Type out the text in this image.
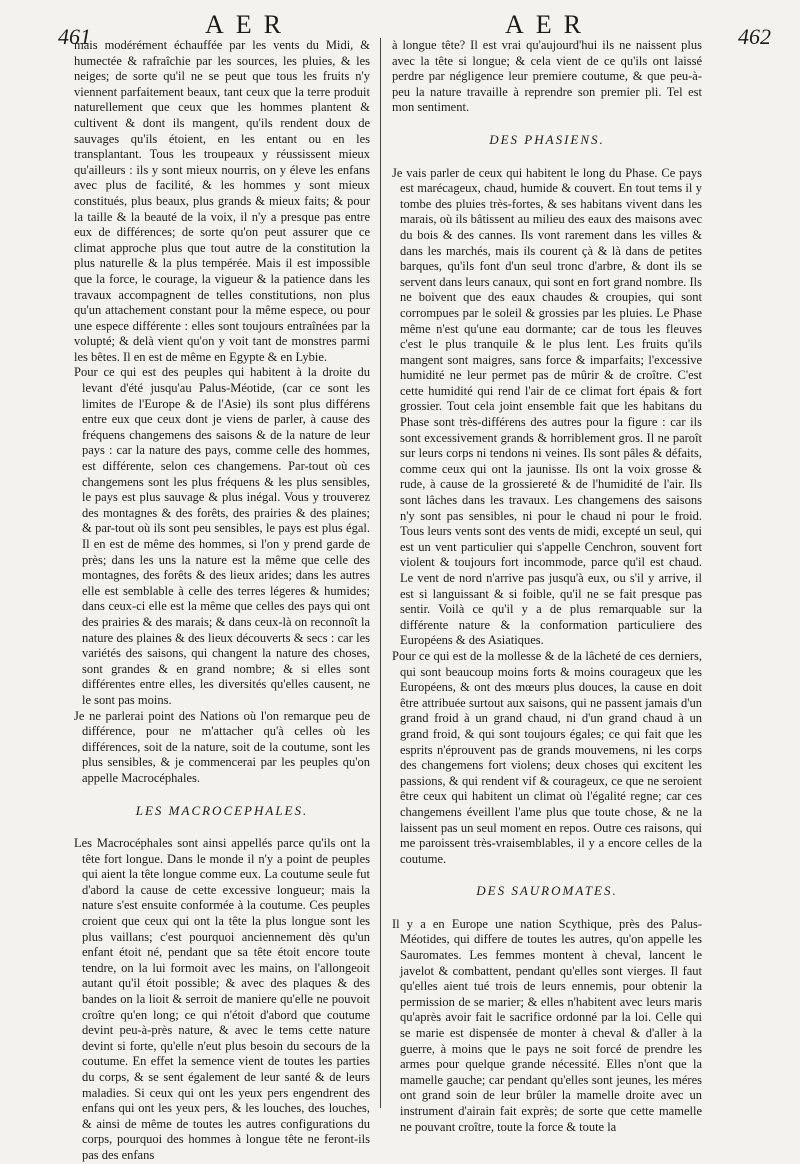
461	AER	AER	462

mais modérément échauffée par les vents du Midi, & humectée & rafraîchie par les sources, les pluies, & les neiges; de sorte qu'il ne se peut que tous les fruits n'y viennent parfaitement beaux, tant ceux que la terre produit naturellement que ceux que les hommes plantent & cultivent & dont ils mangent, qu'ils rendent doux de sauvages qu'ils étoient, en les entant ou en les transplantant. Tous les troupeaux y réussissent mieux qu'ailleurs : ils y sont mieux nourris, on y éleve les enfans avec plus de facilité, & les hommes y sont mieux constitués, plus beaux, plus grands & mieux faits; & pour la taille & la beauté de la voix, il n'y a presque pas entre eux de différences; de sorte qu'on peut assurer que ce climat approche plus que tout autre de la constitution la plus naturelle & la plus tempérée. Mais il est impossible que la force, le courage, la vigueur & la patience dans les travaux accompagnent de telles constitutions, non plus qu'un attachement constant pour la même espece, ou pour une espece différente : elles sont toujours entraînées par la volupté; & delà vient qu'on y voit tant de monstres parmi les bêtes. Il en est de même en Egypte & en Lybie.

Pour ce qui est des peuples qui habitent à la droite du levant d'été jusqu'au Palus-Méotide, (car ce sont les limites de l'Europe & de l'Asie) ils sont plus différens entre eux que ceux dont je viens de parler, à cause des fréquens changemens des saisons & de la nature de leur pays : car la nature des pays, comme celle des hommes, est différente, selon ces changemens. Par-tout où ces changemens sont les plus fréquens & les plus sensibles, le pays est plus sauvage & plus inégal. Vous y trouverez des montagnes & des forêts, des prairies & des plaines; & par-tout où ils sont peu sensibles, le pays est plus égal. Il en est de même des hommes, si l'on y prend garde de près; dans les uns la nature est la même que celle des montagnes, des forêts & des lieux arides; dans les autres elle est semblable à celle des terres légeres & humides; dans ceux-ci elle est la même que celles des pays qui ont des prairies & des marais; & dans ceux-là on reconnoît la nature des plaines & des lieux découverts & secs : car les variétés des saisons, qui changent la nature des choses, sont grandes & en grand nombre; & si elles sont différentes entre elles, les diversités qu'elles causent, ne le sont pas moins.

Je ne parlerai point des Nations où l'on remarque peu de différence, pour ne m'attacher qu'à celles où les différences, soit de la nature, soit de la coutume, sont les plus sensibles, & je commencerai par les peuples qu'on appelle Macrocéphales.

LES MACROCEPHALES.

Les Macrocéphales sont ainsi appellés parce qu'ils ont la tête fort longue. Dans le monde il n'y a point de peuples qui aient la tête longue comme eux. La coutume seule fut d'abord la cause de cette excessive longueur; mais la nature s'est ensuite conformée à la coutume. Ces peuples croient que ceux qui ont la tête la plus longue sont les plus vaillans; c'est pourquoi anciennement dès qu'un enfant étoit né, pendant que sa tête étoit encore toute tendre, on la lui formoit avec les mains, on l'allongeoit autant qu'il étoit possible; & avec des plaques & des bandes on la lioit & serroit de maniere qu'elle ne pouvoit croître qu'en long; ce qui n'étoit d'abord que coutume devint peu-à-près nature, & avec le tems cette nature devint si forte, qu'elle n'eut plus besoin du secours de la coutume. En effet la semence vient de toutes les parties du corps, & se sent également de leur santé & de leurs maladies. Si ceux qui ont les yeux pers engendrent des enfans qui ont les yeux pers, & les louches, des louches, & ainsi de même de toutes les autres configurations du corps, pourquoi des hommes à longue tête ne feront-ils pas des enfans

à longue tête? Il est vrai qu'aujourd'hui ils ne naissent plus avec la tête si longue; & cela vient de ce qu'ils ont laissé perdre par négligence leur premiere coutume, & que peu-à-peu la nature travaille à reprendre son premier pli. Tel est mon sentiment.

DES PHASIENS.

Je vais parler de ceux qui habitent le long du Phase. Ce pays est marécageux, chaud, humide & couvert. En tout tems il y tombe des pluies très-fortes, & ses habitans vivent dans les marais, où ils bâtissent au milieu des eaux des maisons avec du bois & des cannes. Ils vont rarement dans les villes & dans les marchés, mais ils courent çà & là dans de petites barques, qu'ils font d'un seul tronc d'arbre, & dont ils se servent dans leurs canaux, qui sont en fort grand nombre. Ils ne boivent que des eaux chaudes & croupies, qui sont corrompues par le soleil & grossies par les pluies. Le Phase même n'est qu'une eau dormante; car de tous les fleuves c'est le plus tranquile & le plus lent. Les fruits qu'ils mangent sont maigres, sans force & imparfaits; l'excessive humidité ne leur permet pas de mûrir & de croître. C'est cette humidité qui rend l'air de ce climat fort épais & fort grossier. Tout cela joint ensemble fait que les habitans du Phase sont très-différens des autres pour la figure : car ils sont excessivement grands & horriblement gros. Il ne paroît sur leurs corps ni tendons ni veines. Ils sont pâles & défaits, comme ceux qui ont la jaunisse. Ils ont la voix grosse & rude, à cause de la grossiereté & de l'humidité de l'air. Ils sont lâches dans les travaux. Les changemens des saisons n'y sont pas sensibles, ni pour le chaud ni pour le froid. Tous leurs vents sont des vents de midi, excepté un seul, qui est un vent particulier qui s'appelle Cenchron, souvent fort violent & toujours fort incommode, parce qu'il est chaud. Le vent de nord n'arrive pas jusqu'à eux, ou s'il y arrive, il est si languissant & si foible, qu'il ne se fait presque pas sentir. Voilà ce qu'il y a de plus remarquable sur la différente nature & la conformation particuliere des Européens & des Asiatiques.

Pour ce qui est de la mollesse & de la lâcheté de ces derniers, qui sont beaucoup moins forts & moins courageux que les Européens, & ont des mœurs plus douces, la cause en doit être attribuée surtout aux saisons, qui ne passent jamais d'un grand froid à un grand chaud, ni d'un grand chaud à un grand froid, & qui sont toujours égales; ce qui fait que les esprits n'éprouvent pas de grands mouvemens, ni les corps des changemens fort violens; deux choses qui excitent les passions, & qui rendent vif & courageux, ce que ne seroient être ceux qui habitent un climat où l'égalité regne; car ces changemens éveillent l'ame plus que toute chose, & ne la laissent pas un seul moment en repos. Outre ces raisons, qui me paroissent très-vraisemblables, il y a encore celles de la coutume.

DES SAUROMATES.

Il y a en Europe une nation Scythique, près des Palus-Méotides, qui differe de toutes les autres, qu'on appelle les Sauromates. Les femmes montent à cheval, lancent le javelot & combattent, pendant qu'elles sont vierges. Il faut qu'elles aient tué trois de leurs ennemis, pour obtenir la permission de se marier; & elles n'habitent avec leurs maris qu'après avoir fait le sacrifice ordonné par la loi. Celle qui se marie est dispensée de monter à cheval & d'aller à la guerre, à moins que le pays ne soit forcé de prendre les armes pour quelque grande nécessité. Elles n'ont que la mamelle gauche; car pendant qu'elles sont jeunes, les méres ont grand soin de leur brûler la mamelle droite avec un instrument d'airain fait exprès; de sorte que cette mamelle ne pouvant croître, toute la force & toute la
